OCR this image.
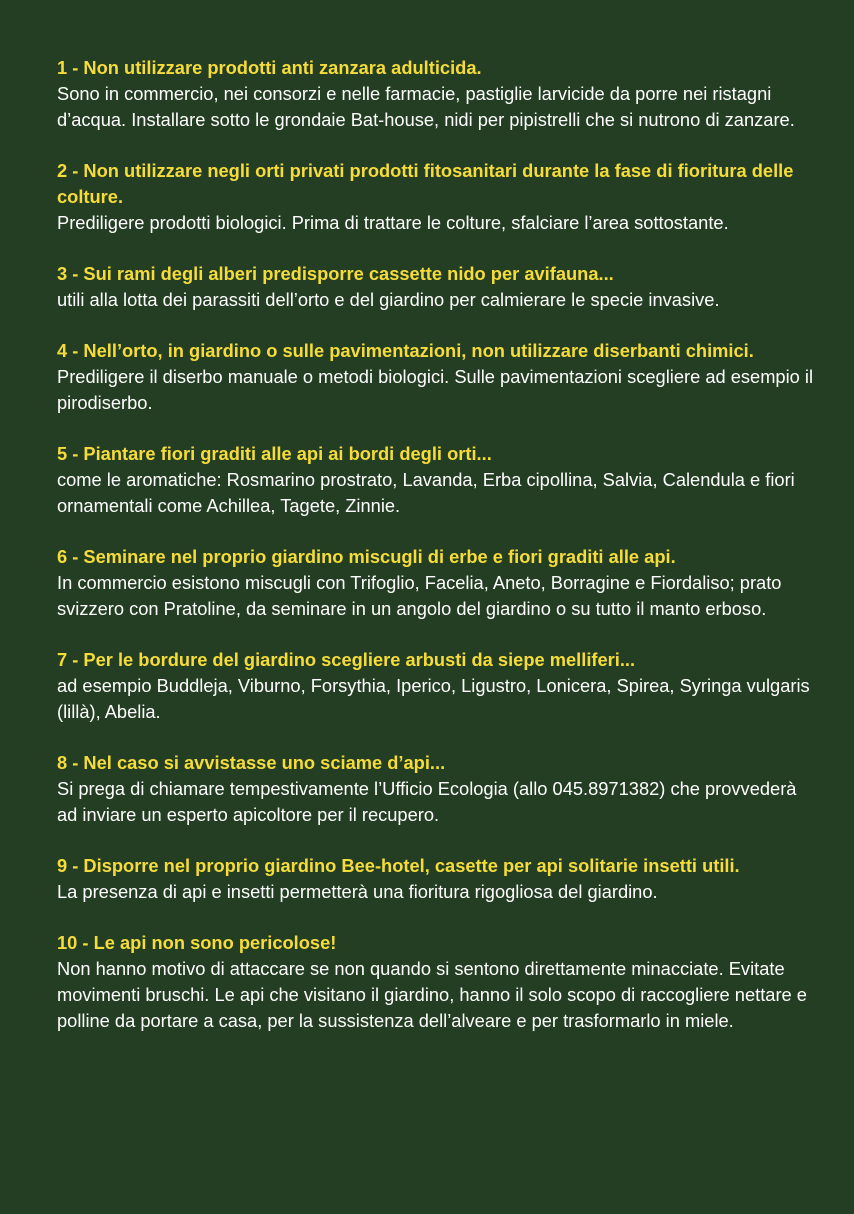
1 - Non utilizzare prodotti anti zanzara adulticida.

Sono in commercio, nei consorzi e nelle farmacie, pastiglie larvicide da porre nei ristagni d’acqua. Installare sotto le grondaie Bat-house, nidi per pipistrelli che si nutrono di zanzare.

2 - Non utilizzare negli orti privati prodotti fitosanitari durante la fase di fioritura delle colture.

Prediligere prodotti biologici. Prima di trattare le colture, sfalciare l’area sottostante.

3 - Sui rami degli alberi predisporre cassette nido per avifauna...

utili alla lotta dei parassiti dell’orto e del giardino per calmierare le specie invasive.

4 - Nell’orto, in giardino o sulle pavimentazioni, non utilizzare diserbanti chimici.

Prediligere il diserbo manuale o metodi biologici. Sulle pavimentazioni scegliere ad esempio il pirodiserbo.

5 - Piantare fiori graditi alle api ai bordi degli orti...

come le aromatiche: Rosmarino prostrato, Lavanda, Erba cipollina, Salvia, Calendula e fiori ornamentali come Achillea, Tagete, Zinnie.

6 - Seminare nel proprio giardino miscugli di erbe e fiori graditi alle api.

In commercio esistono miscugli con Trifoglio, Facelia, Aneto, Borragine e Fiordaliso; prato svizzero con Pratoline, da seminare in un angolo del giardino o su tutto il manto erboso.

7 - Per le bordure del giardino scegliere arbusti da siepe melliferi...

ad esempio Buddleja, Viburno, Forsythia, Iperico, Ligustro, Lonicera, Spirea, Syringa vulgaris (lillà), Abelia.

8 - Nel caso si avvistasse uno sciame d’api...

Si prega di chiamare tempestivamente l’Ufficio Ecologia (allo 045.8971382) che provvederà ad inviare un esperto apicoltore per il recupero.

9 - Disporre nel proprio giardino Bee-hotel, casette per api solitarie insetti utili.

La presenza di api e insetti permetterà una fioritura rigogliosa del giardino.

10 - Le api non sono pericolose!

Non hanno motivo di attaccare se non quando si sentono direttamente minacciate. Evitate movimenti bruschi. Le api che visitano il giardino, hanno il solo scopo di raccogliere nettare e polline da portare a casa, per la sussistenza dell’alveare e per trasformarlo in miele.
